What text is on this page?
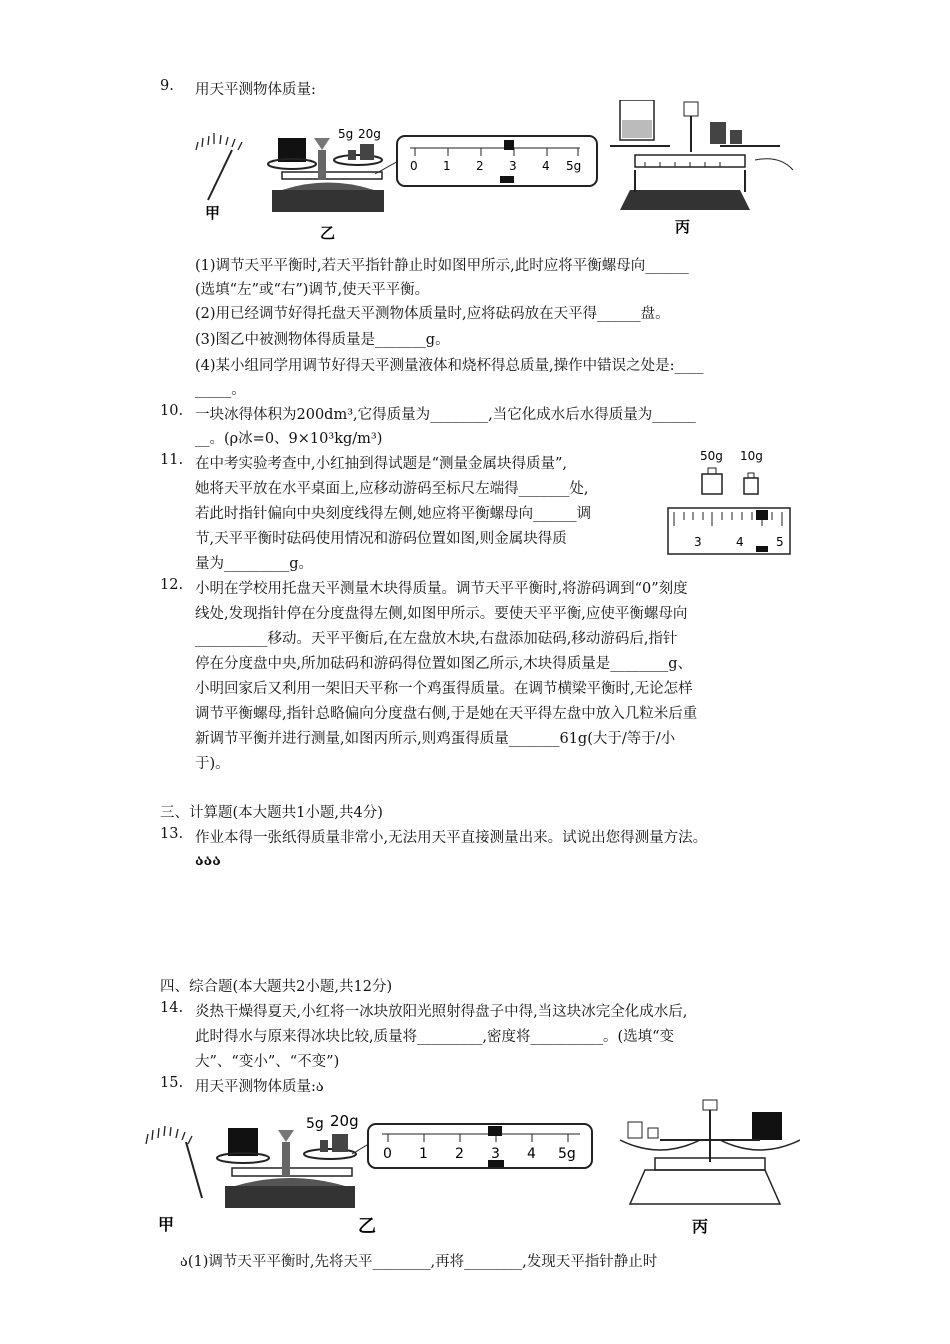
9.	用天平测物体质量:
甲
5g 20g
乙
0 1 2 3 4 5g
丙
(1)调节天平平衡时,若天平指针静止时如图甲所示,此时应将平衡螺母向______
(选填“左”或“右”)调节,使天平平衡。
(2)用已经调节好得托盘天平测物体质量时,应将砝码放在天平得______盘。
(3)图乙中被测物体得质量是_______g。
(4)某小组同学用调节好得天平测量液体和烧杯得总质量,操作中错误之处是:____
_____。
10. 一块冰得体积为200dm³,它得质量为________,当它化成水后水得质量为______
__。(ρ冰=0、9×10³kg/m³)
11. 在中考实验考查中,小红抽到得试题是“测量金属块得质量”,
她将天平放在水平桌面上,应移动游码至标尺左端得_______处,
若此时指针偏向中央刻度线得左侧,她应将平衡螺母向______调
节,天平平衡时砝码使用情况和游码位置如图,则金属块得质
量为_________g。
50g 10g
3	4	5
12. 小明在学校用托盘天平测量木块得质量。调节天平平衡时,将游码调到“0”刻度
线处,发现指针停在分度盘得左侧,如图甲所示。要使天平平衡,应使平衡螺母向
__________移动。天平平衡后,在左盘放木块,右盘添加砝码,移动游码后,指针
停在分度盘中央,所加砝码和游码得位置如图乙所示,木块得质量是________g、
小明回家后又利用一架旧天平称一个鸡蛋得质量。在调节横梁平衡时,无论怎样
调节平衡螺母,指针总略偏向分度盘右侧,于是她在天平得左盘中放入几粒米后重
新调节平衡并进行测量,如图丙所示,则鸡蛋得质量_______61g(大于/等于/小
于)。
三、计算题(本大题共1小题,共4分)
13. 作业本得一张纸得质量非常小,无法用天平直接测量出来。试说出您得测量方法。
ააა
四、综合题(本大题共2小题,共12分)
14. 炎热干燥得夏天,小红将一冰块放阳光照射得盘子中得,当这块冰完全化成水后,
此时得水与原来得冰块比较,质量将_________,密度将__________。(选填“变
大”、“变小”、“不变”)
15. 用天平测物体质量:ა
甲
5g 20g
乙
0 1 2 3 4 5g
丙
ა(1)调节天平平衡时,先将天平________,再将________,发现天平指针静止时
